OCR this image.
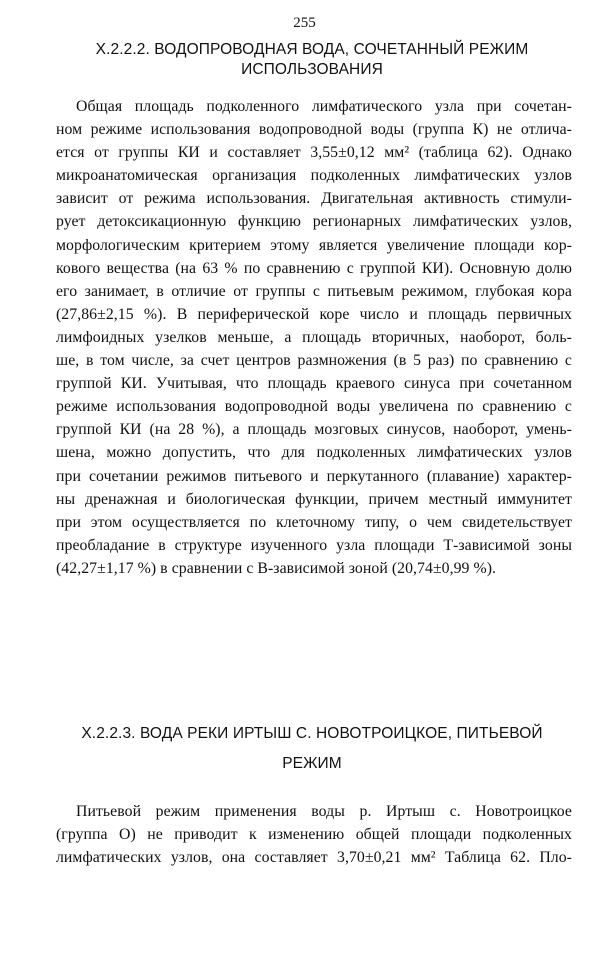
255
X.2.2.2. ВОДОПРОВОДНАЯ ВОДА, СОЧЕТАННЫЙ РЕЖИМ
ИСПОЛЬЗОВАНИЯ
Общая площадь подколенного лимфатического узла при сочетан-
ном режиме использования водопроводной воды (группа К) не отлича-
ется от группы КИ и составляет 3,55±0,12 мм² (таблица 62). Однако
микроанатомическая организация подколенных лимфатических узлов
зависит от режима использования. Двигательная активность стимули-
рует детоксикационную функцию регионарных лимфатических узлов,
морфологическим критерием этому является увеличение площади кор-
кового вещества (на 63 % по сравнению с группой КИ). Основную долю
его занимает, в отличие от группы с питьевым режимом, глубокая кора
(27,86±2,15 %). В периферической коре число и площадь первичных
лимфоидных узелков меньше, а площадь вторичных, наоборот, боль-
ше, в том числе, за счет центров размножения (в 5 раз) по сравнению с
группой КИ. Учитывая, что площадь краевого синуса при сочетанном
режиме использования водопроводной воды увеличена по сравнению с
группой КИ (на 28 %), а площадь мозговых синусов, наоборот, умень-
шена, можно допустить, что для подколенных лимфатических узлов
при сочетании режимов питьевого и перкутанного (плавание) характер-
ны дренажная и биологическая функции, причем местный иммунитет
при этом осуществляется по клеточному типу, о чем свидетельствует
преобладание в структуре изученного узла площади Т-зависимой зоны
(42,27±1,17 %) в сравнении с В-зависимой зоной (20,74±0,99 %).
X.2.2.3. ВОДА РЕКИ ИРТЫШ С. НОВОТРОИЦКОЕ, ПИТЬЕВОЙ
РЕЖИМ
Питьевой режим применения воды р. Иртыш с. Новотроицкое
(группа О) не приводит к изменению общей площади подколенных
лимфатических узлов, она составляет 3,70±0,21 мм² Таблица 62. Пло-
